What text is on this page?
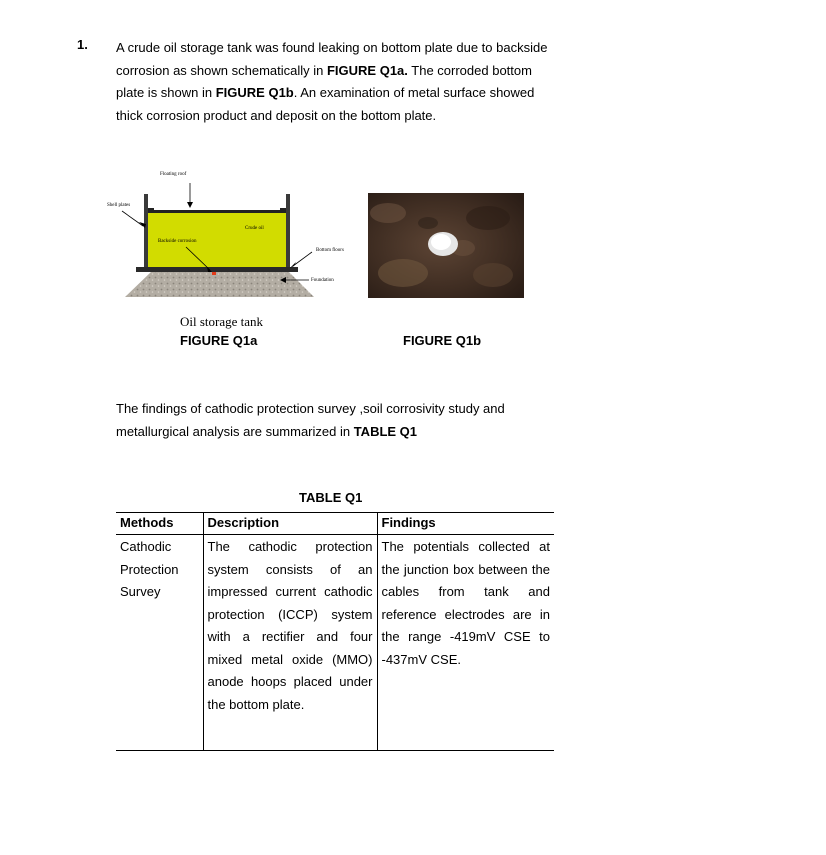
1. A crude oil storage tank was found leaking on bottom plate due to backside corrosion as shown schematically in FIGURE Q1a. The corroded bottom plate is shown in FIGURE Q1b. An examination of metal surface showed thick corrosion product and deposit on the bottom plate.
Floating roof
Shell plates
Crude oil
Backside corrosion
Bottom floors
Foundation
Oil storage tank
FIGURE Q1a	FIGURE Q1b
The findings of cathodic protection survey ,soil corrosivity study and metallurgical analysis are summarized in TABLE Q1
TABLE Q1
Methods	Description	Findings

Cathodic
Protection
Survey	The cathodic protection system consists of an impressed current cathodic protection (ICCP) system with a rectifier and four mixed metal oxide (MMO) anode hoops placed under the bottom plate.	The potentials collected at the junction box between the cables from tank and reference electrodes are in the range -419mV CSE to -437mV CSE.
